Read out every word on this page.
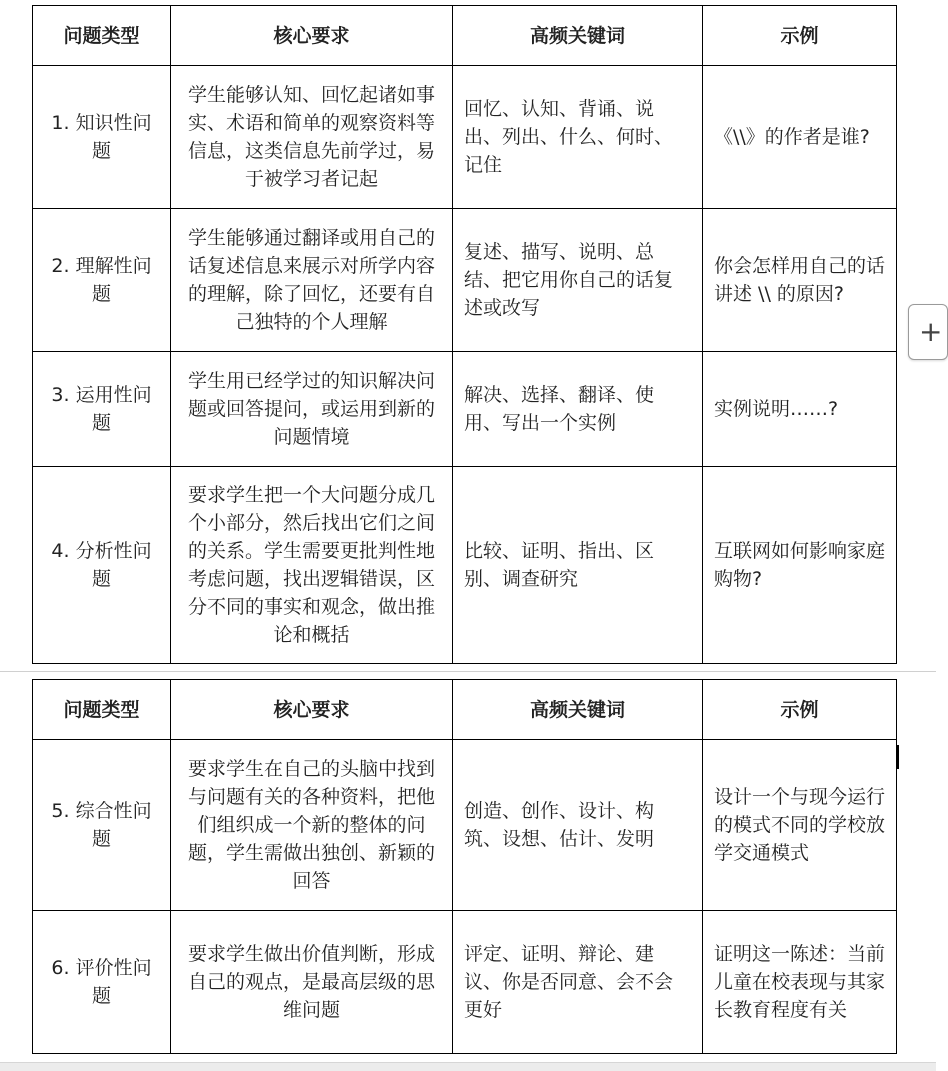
问题类型	核心要求	高频关键词	示例
1. 知识性问题	学生能够认知、回忆起诸如事实、术语和简单的观察资料等信息，这类信息先前学过，易于被学习者记起	回忆、认知、背诵、说出、列出、什么、何时、记住	《\\》的作者是谁?
2. 理解性问题	学生能够通过翻译或用自己的话复述信息来展示对所学内容的理解，除了回忆，还要有自己独特的个人理解	复述、描写、说明、总结、把它用你自己的话复述或改写	你会怎样用自己的话讲述 \\ 的原因?
3. 运用性问题	学生用已经学过的知识解决问题或回答提问，或运用到新的问题情境	解决、选择、翻译、使用、写出一个实例	实例说明……?
4. 分析性问题	要求学生把一个大问题分成几个小部分，然后找出它们之间的关系。学生需要更批判性地考虑问题，找出逻辑错误，区分不同的事实和观念，做出推论和概括	比较、证明、指出、区别、调查研究	互联网如何影响家庭购物?
问题类型	核心要求	高频关键词	示例
5. 综合性问题	要求学生在自己的头脑中找到与问题有关的各种资料，把他们组织成一个新的整体的问题，学生需做出独创、新颖的回答	创造、创作、设计、构筑、设想、估计、发明	设计一个与现今运行的模式不同的学校放学交通模式
6. 评价性问题	要求学生做出价值判断，形成自己的观点，是最高层级的思维问题	评定、证明、辩论、建议、你是否同意、会不会更好	证明这一陈述：当前儿童在校表现与其家长教育程度有关
+
